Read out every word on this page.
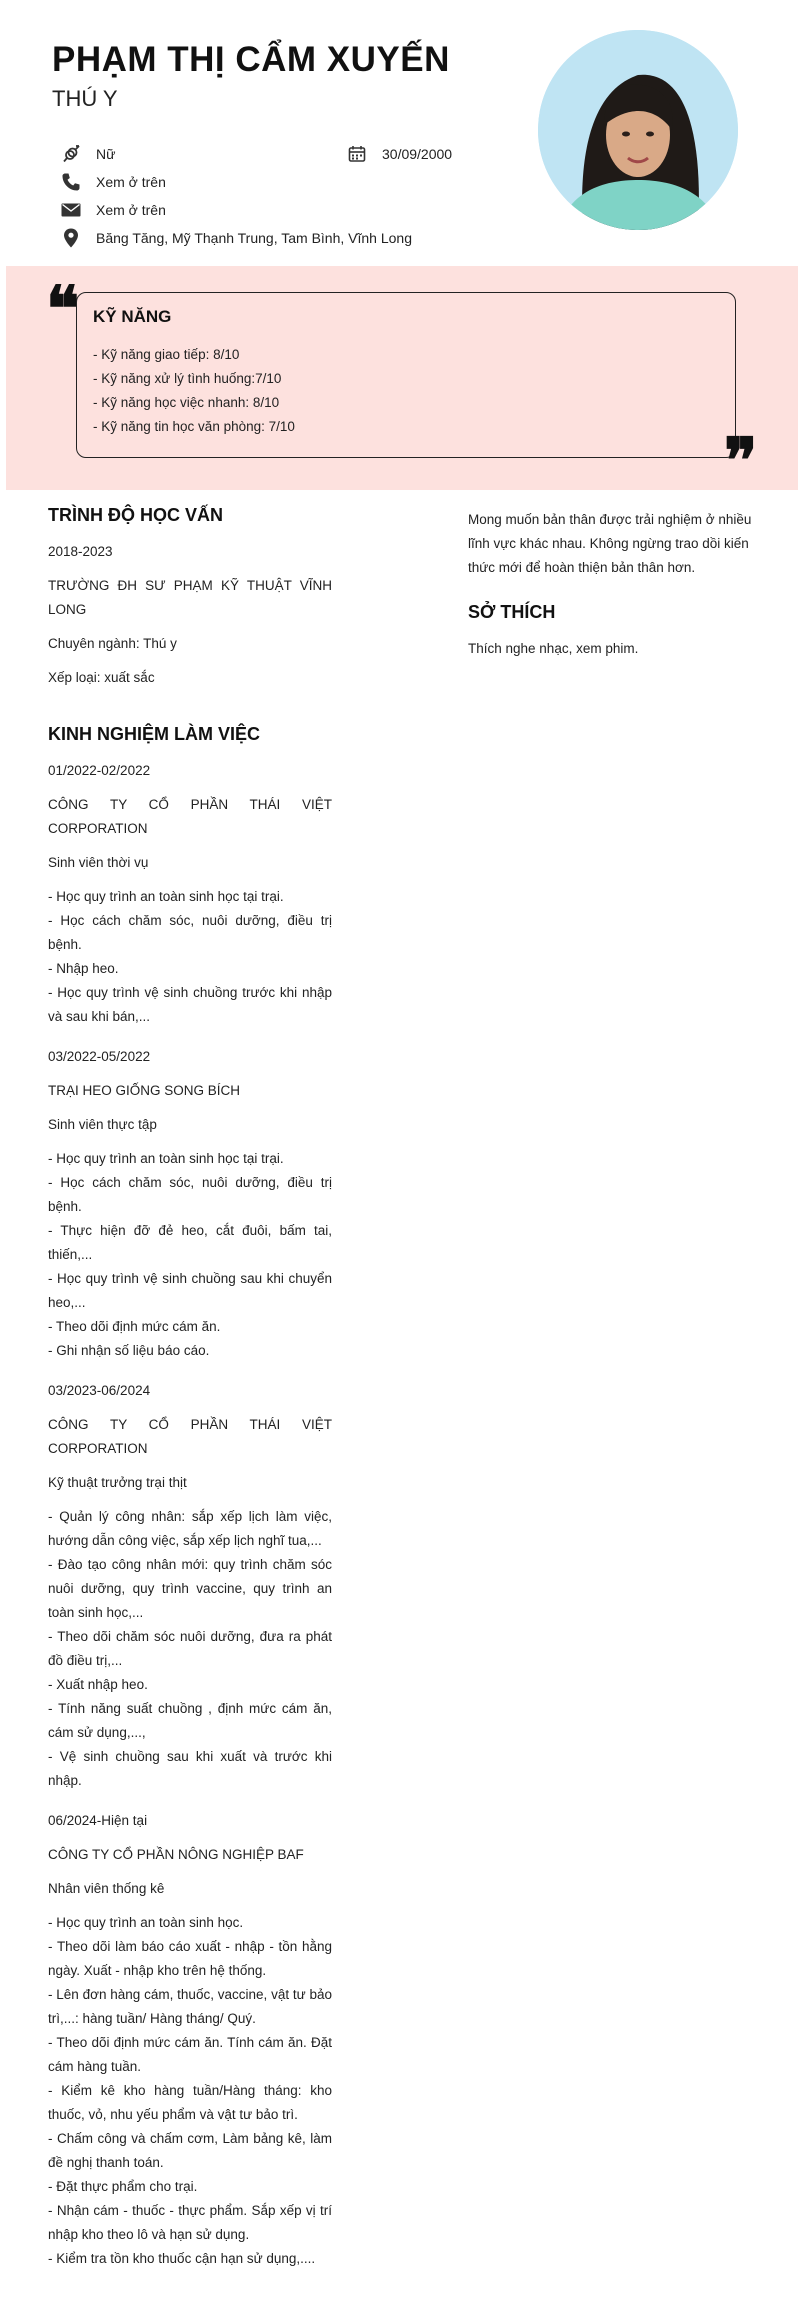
PHẠM THỊ CẨM XUYẾN
THÚ Y
Nữ	30/09/2000
Xem ở trên
Xem ở trên
Băng Tăng, Mỹ Thạnh Trung, Tam Bình, Vĩnh Long
❝ KỸ NĂNG
- Kỹ năng giao tiếp: 8/10
- Kỹ năng xử lý tình huống:7/10
- Kỹ năng học việc nhanh: 8/10
- Kỹ năng tin học văn phòng: 7/10	❞
TRÌNH ĐỘ HỌC VẤN

2018-2023

TRƯỜNG ĐH SƯ PHẠM KỸ THUẬT VĨNH LONG

Chuyên ngành: Thú y

Xếp loại: xuất sắc

KINH NGHIỆM LÀM VIỆC

01/2022-02/2022

CÔNG TY CỔ PHẦN THÁI VIỆT CORPORATION

Sinh viên thời vụ

- Học quy trình an toàn sinh học tại trại.
- Học cách chăm sóc, nuôi dưỡng, điều trị bệnh.
- Nhập heo.
- Học quy trình vệ sinh chuồng trước khi nhập và sau khi bán,...

03/2022-05/2022

TRẠI HEO GIỐNG SONG BÍCH

Sinh viên thực tập

- Học quy trình an toàn sinh học tại trại.
- Học cách chăm sóc, nuôi dưỡng, điều trị bệnh.
- Thực hiện đỡ đẻ heo, cắt đuôi, bấm tai, thiến,...
- Học quy trình vệ sinh chuồng sau khi chuyển heo,...
- Theo dõi định mức cám ăn.
- Ghi nhận số liệu báo cáo.

03/2023-06/2024

CÔNG TY CỔ PHẦN THÁI VIỆT CORPORATION

Kỹ thuật trưởng trại thịt

- Quản lý công nhân: sắp xếp lịch làm việc, hướng dẫn công việc, sắp xếp lịch nghĩ tua,...
- Đào tạo công nhân mới: quy trình chăm sóc nuôi dưỡng, quy trình vaccine, quy trình an toàn sinh học,...
- Theo dõi chăm sóc nuôi dưỡng, đưa ra phát đồ điều trị,...
- Xuất nhập heo.
- Tính năng suất chuồng , định mức cám ăn, cám sử dụng,...,
- Vệ sinh chuồng sau khi xuất và trước khi nhập.

06/2024-Hiện tại

CÔNG TY CỔ PHẦN NÔNG NGHIỆP BAF

Nhân viên thống kê

- Học quy trình an toàn sinh học.
- Theo dõi làm báo cáo xuất - nhập - tồn hằng ngày. Xuất - nhập kho trên hệ thống.
- Lên đơn hàng cám, thuốc, vaccine, vật tư bảo trì,...: hàng tuần/ Hàng tháng/ Quý.
- Theo dõi định mức cám ăn. Tính cám ăn. Đặt cám hàng tuần.
- Kiểm kê kho hàng tuần/Hàng tháng: kho thuốc, vỏ, nhu yếu phẩm và vật tư bảo trì.
- Chấm công và chấm cơm, Làm bảng kê, làm đề nghị thanh toán.
- Đặt thực phẩm cho trại.
- Nhận cám - thuốc - thực phẩm. Sắp xếp vị trí nhập kho theo lô và hạn sử dụng.
- Kiểm tra tồn kho thuốc cận hạn sử dụng,....

Mong muốn bản thân được trải nghiệm ở nhiều lĩnh vực khác nhau. Không ngừng trao dồi kiến thức mới để hoàn thiện bản thân hơn.

SỞ THÍCH

Thích nghe nhạc, xem phim.
